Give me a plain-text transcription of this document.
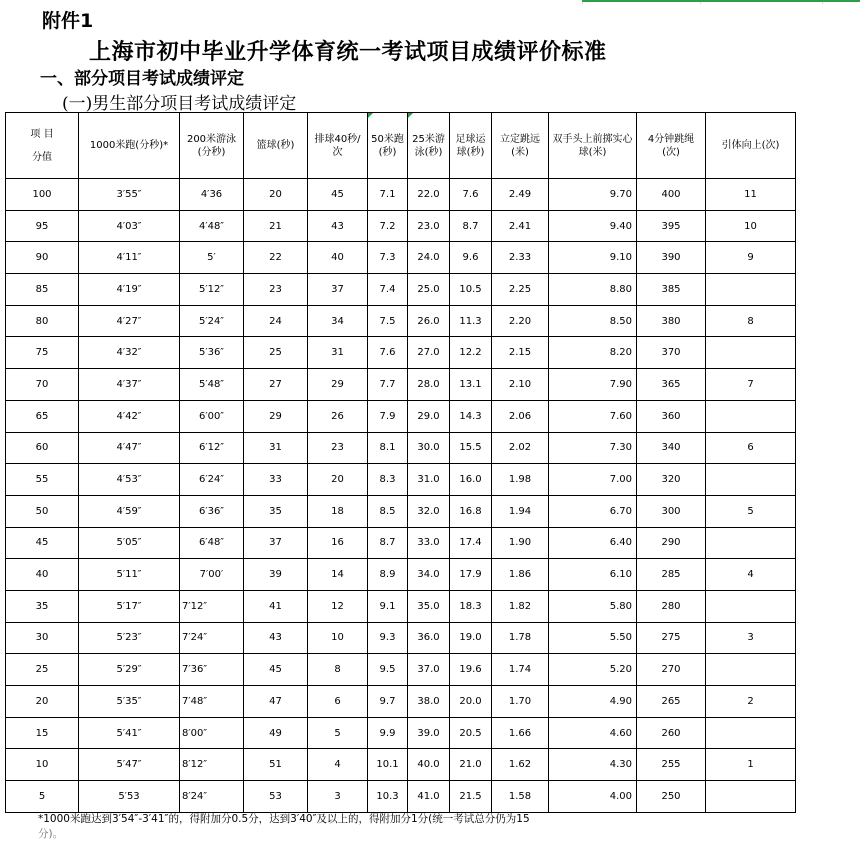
附件1
上海市初中毕业升学体育统一考试项目成绩评价标准
一、部分项目考试成绩评定
(一)男生部分项目考试成绩评定
项 目
分值	1000米跑(分秒)*	200米游泳(分秒)	篮球(秒)	排球40秒/次	50米跑(秒)	25米游泳(秒)	足球运球(秒)	立定跳远(米)	双手头上前掷实心球(米)	4分钟跳绳(次)	引体向上(次)

100	3′55″	4′36	20	45	7.1	22.0	7.6	2.49	9.70	400	11
95	4′03″	4′48″	21	43	7.2	23.0	8.7	2.41	9.40	395	10
90	4′11″	5′	22	40	7.3	24.0	9.6	2.33	9.10	390	9
85	4′19″	5′12″	23	37	7.4	25.0	10.5	2.25	8.80	385	
80	4′27″	5′24″	24	34	7.5	26.0	11.3	2.20	8.50	380	8
75	4′32″	5′36″	25	31	7.6	27.0	12.2	2.15	8.20	370	
70	4′37″	5′48″	27	29	7.7	28.0	13.1	2.10	7.90	365	7
65	4′42″	6′00″	29	26	7.9	29.0	14.3	2.06	7.60	360	
60	4′47″	6′12″	31	23	8.1	30.0	15.5	2.02	7.30	340	6
55	4′53″	6′24″	33	20	8.3	31.0	16.0	1.98	7.00	320	
50	4′59″	6′36″	35	18	8.5	32.0	16.8	1.94	6.70	300	5
45	5′05″	6′48″	37	16	8.7	33.0	17.4	1.90	6.40	290	
40	5′11″	7′00′	39	14	8.9	34.0	17.9	1.86	6.10	285	4
35	5′17″	7′12″	41	12	9.1	35.0	18.3	1.82	5.80	280	
30	5′23″	7′24″	43	10	9.3	36.0	19.0	1.78	5.50	275	3
25	5′29″	7′36″	45	8	9.5	37.0	19.6	1.74	5.20	270	
20	5′35″	7′48″	47	6	9.7	38.0	20.0	1.70	4.90	265	2
15	5′41″	8′00″	49	5	9.9	39.0	20.5	1.66	4.60	260	
10	5′47″	8′12″	51	4	10.1	40.0	21.0	1.62	4.30	255	1
5	5′53	8′24″	53	3	10.3	41.0	21.5	1.58	4.00	250	
*1000米跑达到3′54″-3′41″的，得附加分0.5分，达到3′40″及以上的，得附加分1分(统一考试总分仍为15
分)。
